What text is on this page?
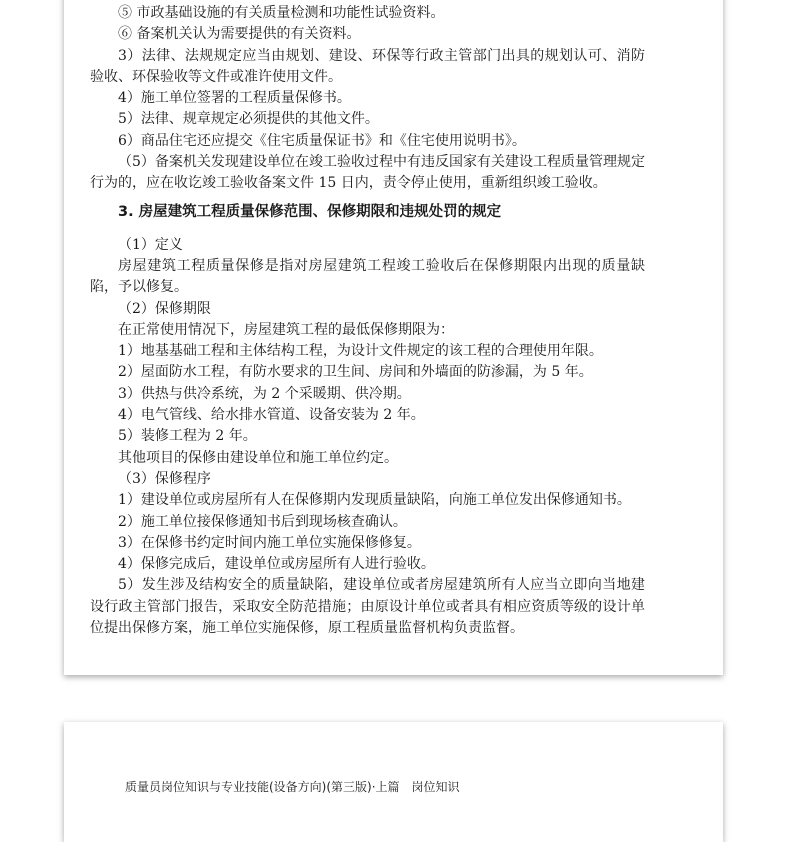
⑤ 市政基础设施的有关质量检测和功能性试验资料。
⑥ 备案机关认为需要提供的有关资料。
3）法律、法规规定应当由规划、建设、环保等行政主管部门出具的规划认可、消防
验收、环保验收等文件或准许使用文件。
4）施工单位签署的工程质量保修书。
5）法律、规章规定必须提供的其他文件。
6）商品住宅还应提交《住宅质量保证书》和《住宅使用说明书》。
（5）备案机关发现建设单位在竣工验收过程中有违反国家有关建设工程质量管理规定
行为的，应在收讫竣工验收备案文件 15 日内，责令停止使用，重新组织竣工验收。
3. 房屋建筑工程质量保修范围、保修期限和违规处罚的规定
（1）定义
房屋建筑工程质量保修是指对房屋建筑工程竣工验收后在保修期限内出现的质量缺
陷，予以修复。
（2）保修期限
在正常使用情况下，房屋建筑工程的最低保修期限为：
1）地基基础工程和主体结构工程，为设计文件规定的该工程的合理使用年限。
2）屋面防水工程，有防水要求的卫生间、房间和外墙面的防渗漏，为 5 年。
3）供热与供冷系统，为 2 个采暖期、供冷期。
4）电气管线、给水排水管道、设备安装为 2 年。
5）装修工程为 2 年。
其他项目的保修由建设单位和施工单位约定。
（3）保修程序
1）建设单位或房屋所有人在保修期内发现质量缺陷，向施工单位发出保修通知书。
2）施工单位接保修通知书后到现场核查确认。
3）在保修书约定时间内施工单位实施保修修复。
4）保修完成后，建设单位或房屋所有人进行验收。
5）发生涉及结构安全的质量缺陷，建设单位或者房屋建筑所有人应当立即向当地建
设行政主管部门报告，采取安全防范措施；由原设计单位或者具有相应资质等级的设计单
位提出保修方案，施工单位实施保修，原工程质量监督机构负责监督。
质量员岗位知识与专业技能(设备方向)(第三版)·上篇　岗位知识
